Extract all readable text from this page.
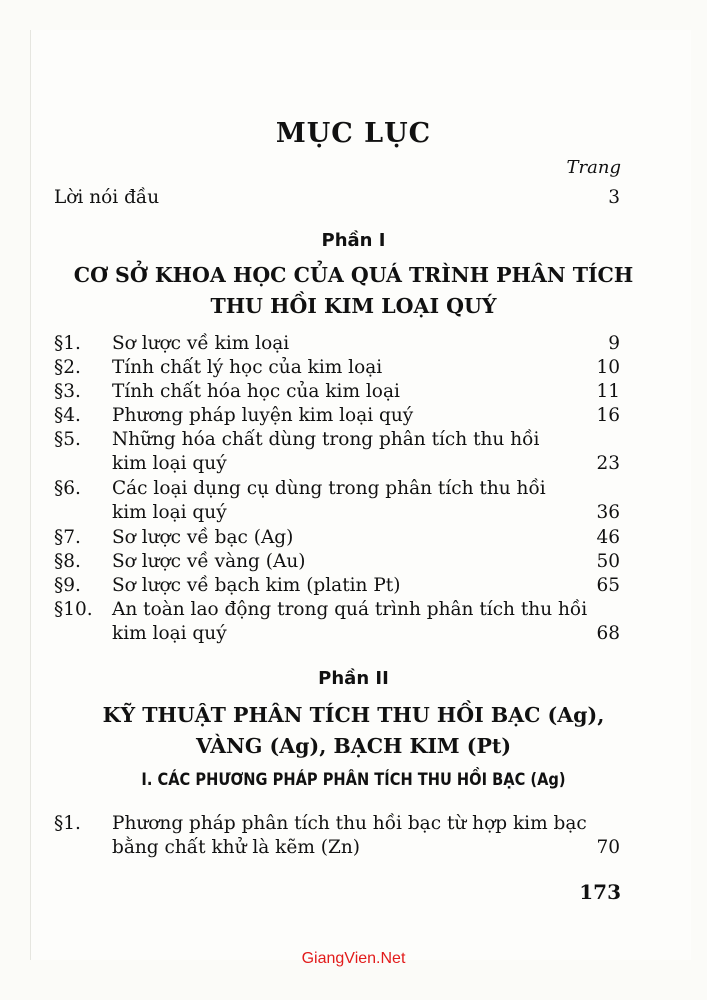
MỤC LỤC
Trang
Lời nói đầu	3
Phần I
CƠ SỞ KHOA HỌC CỦA QUÁ TRÌNH PHÂN TÍCH
THU HỒI KIM LOẠI QUÝ
§1. Sơ lược về kim loại	9
§2. Tính chất lý học của kim loại	10
§3. Tính chất hóa học của kim loại	11
§4. Phương pháp luyện kim loại quý	16
§5. Những hóa chất dùng trong phân tích thu hồi
kim loại quý	23
§6. Các loại dụng cụ dùng trong phân tích thu hồi
kim loại quý	36
§7. Sơ lược về bạc (Ag)	46
§8. Sơ lược về vàng (Au)	50
§9. Sơ lược về bạch kim (platin Pt)	65
§10. An toàn lao động trong quá trình phân tích thu hồi
kim loại quý	68
Phần II
KỸ THUẬT PHÂN TÍCH THU HỒI BẠC (Ag),
VÀNG (Ag), BẠCH KIM (Pt)
I. CÁC PHƯƠNG PHÁP PHÂN TÍCH THU HỒI BẠC (Ag)
§1. Phương pháp phân tích thu hồi bạc từ hợp kim bạc
bằng chất khử là kẽm (Zn)	70
173
GiangVien.Net
